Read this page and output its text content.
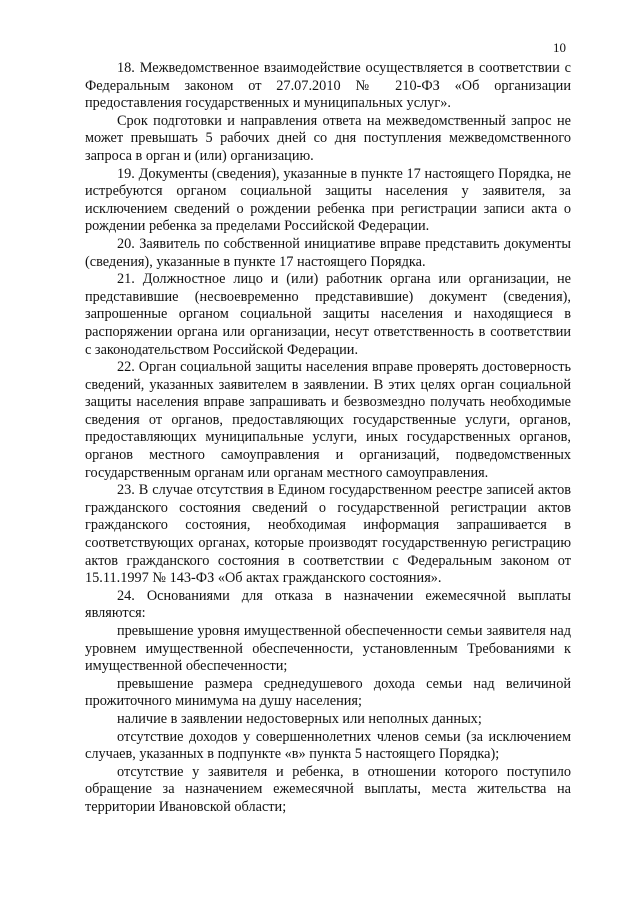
10

18. Межведомственное взаимодействие осуществляется в соответствии с Федеральным законом от 27.07.2010 № 210-ФЗ «Об организации предоставления государственных и муниципальных услуг».

Срок подготовки и направления ответа на межведомственный запрос не может превышать 5 рабочих дней со дня поступления межведомственного запроса в орган и (или) организацию.

19. Документы (сведения), указанные в пункте 17 настоящего Порядка, не истребуются органом социальной защиты населения у заявителя, за исключением сведений о рождении ребенка при регистрации записи акта о рождении ребенка за пределами Российской Федерации.

20. Заявитель по собственной инициативе вправе представить документы (сведения), указанные в пункте 17 настоящего Порядка.

21. Должностное лицо и (или) работник органа или организации, не представившие (несвоевременно представившие) документ (сведения), запрошенные органом социальной защиты населения и находящиеся в распоряжении органа или организации, несут ответственность в соответствии с законодательством Российской Федерации.

22. Орган социальной защиты населения вправе проверять достоверность сведений, указанных заявителем в заявлении. В этих целях орган социальной защиты населения вправе запрашивать и безвозмездно получать необходимые сведения от органов, предоставляющих государственные услуги, органов, предоставляющих муниципальные услуги, иных государственных органов, органов местного самоуправления и организаций, подведомственных государственным органам или органам местного самоуправления.

23. В случае отсутствия в Едином государственном реестре записей актов гражданского состояния сведений о государственной регистрации актов гражданского состояния, необходимая информация запрашивается в соответствующих органах, которые производят государственную регистрацию актов гражданского состояния в соответствии с Федеральным законом от 15.11.1997 № 143-ФЗ «Об актах гражданского состояния».

24. Основаниями для отказа в назначении ежемесячной выплаты являются:

превышение уровня имущественной обеспеченности семьи заявителя над уровнем имущественной обеспеченности, установленным Требованиями к имущественной обеспеченности;

превышение размера среднедушевого дохода семьи над величиной прожиточного минимума на душу населения;

наличие в заявлении недостоверных или неполных данных;

отсутствие доходов у совершеннолетних членов семьи (за исключением случаев, указанных в подпункте «в» пункта 5 настоящего Порядка);

отсутствие у заявителя и ребенка, в отношении которого поступило обращение за назначением ежемесячной выплаты, места жительства на территории Ивановской области;
